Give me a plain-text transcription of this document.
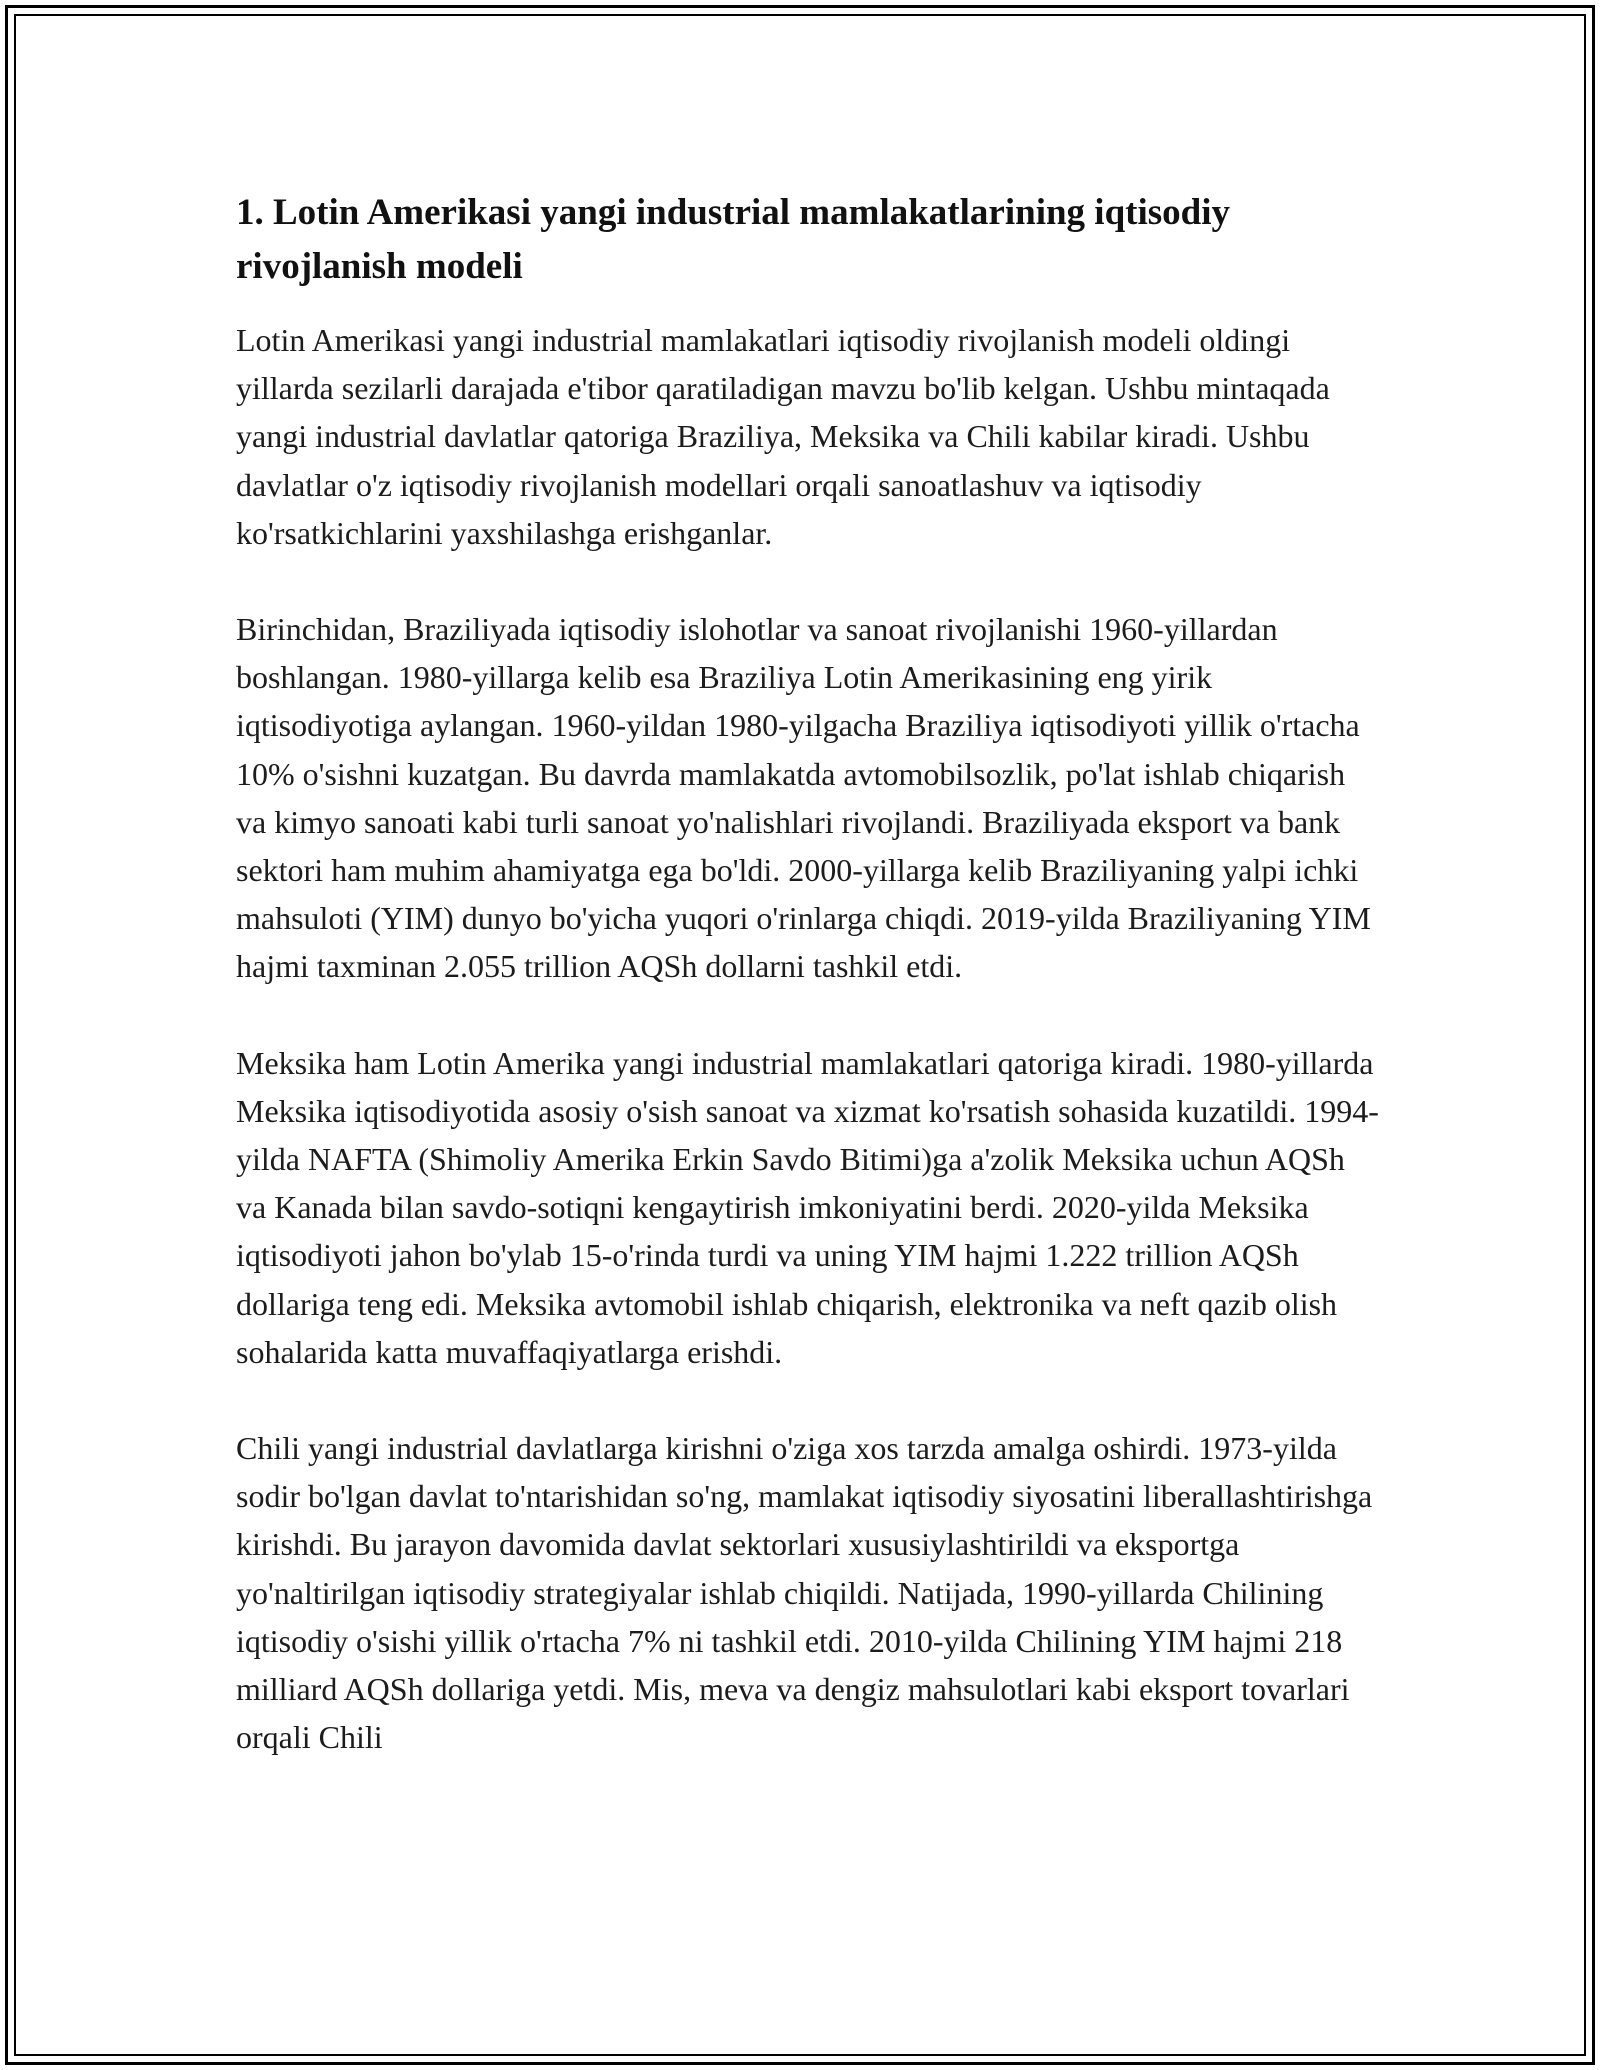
1. Lotin Amerikasi yangi industrial mamlakatlarining iqtisodiy rivojlanish modeli

Lotin Amerikasi yangi industrial mamlakatlari iqtisodiy rivojlanish modeli oldingi yillarda sezilarli darajada e'tibor qaratiladigan mavzu bo'lib kelgan. Ushbu mintaqada yangi industrial davlatlar qatoriga Braziliya, Meksika va Chili kabilar kiradi. Ushbu davlatlar o'z iqtisodiy rivojlanish modellari orqali sanoatlashuv va iqtisodiy ko'rsatkichlarini yaxshilashga erishganlar.

Birinchidan, Braziliyada iqtisodiy islohotlar va sanoat rivojlanishi 1960-yillardan boshlangan. 1980-yillarga kelib esa Braziliya Lotin Amerikasining eng yirik iqtisodiyotiga aylangan. 1960-yildan 1980-yilgacha Braziliya iqtisodiyoti yillik o'rtacha 10% o'sishni kuzatgan. Bu davrda mamlakatda avtomobilsozlik, po'lat ishlab chiqarish va kimyo sanoati kabi turli sanoat yo'nalishlari rivojlandi. Braziliyada eksport va bank sektori ham muhim ahamiyatga ega bo'ldi. 2000-yillarga kelib Braziliyaning yalpi ichki mahsuloti (YIM) dunyo bo'yicha yuqori o'rinlarga chiqdi. 2019-yilda Braziliyaning YIM hajmi taxminan 2.055 trillion AQSh dollarni tashkil etdi.

Meksika ham Lotin Amerika yangi industrial mamlakatlari qatoriga kiradi. 1980-yillarda Meksika iqtisodiyotida asosiy o'sish sanoat va xizmat ko'rsatish sohasida kuzatildi. 1994-yilda NAFTA (Shimoliy Amerika Erkin Savdo Bitimi)ga a'zolik Meksika uchun AQSh va Kanada bilan savdo-sotiqni kengaytirish imkoniyatini berdi. 2020-yilda Meksika iqtisodiyoti jahon bo'ylab 15-o'rinda turdi va uning YIM hajmi 1.222 trillion AQSh dollariga teng edi. Meksika avtomobil ishlab chiqarish, elektronika va neft qazib olish sohalarida katta muvaffaqiyatlarga erishdi.

Chili yangi industrial davlatlarga kirishni o'ziga xos tarzda amalga oshirdi. 1973-yilda sodir bo'lgan davlat to'ntarishidan so'ng, mamlakat iqtisodiy siyosatini liberallashtirishga kirishdi. Bu jarayon davomida davlat sektorlari xususiylashtirildi va eksportga yo'naltirilgan iqtisodiy strategiyalar ishlab chiqildi. Natijada, 1990-yillarda Chilining iqtisodiy o'sishi yillik o'rtacha 7% ni tashkil etdi. 2010-yilda Chilining YIM hajmi 218 milliard AQSh dollariga yetdi. Mis, meva va dengiz mahsulotlari kabi eksport tovarlari orqali Chili
